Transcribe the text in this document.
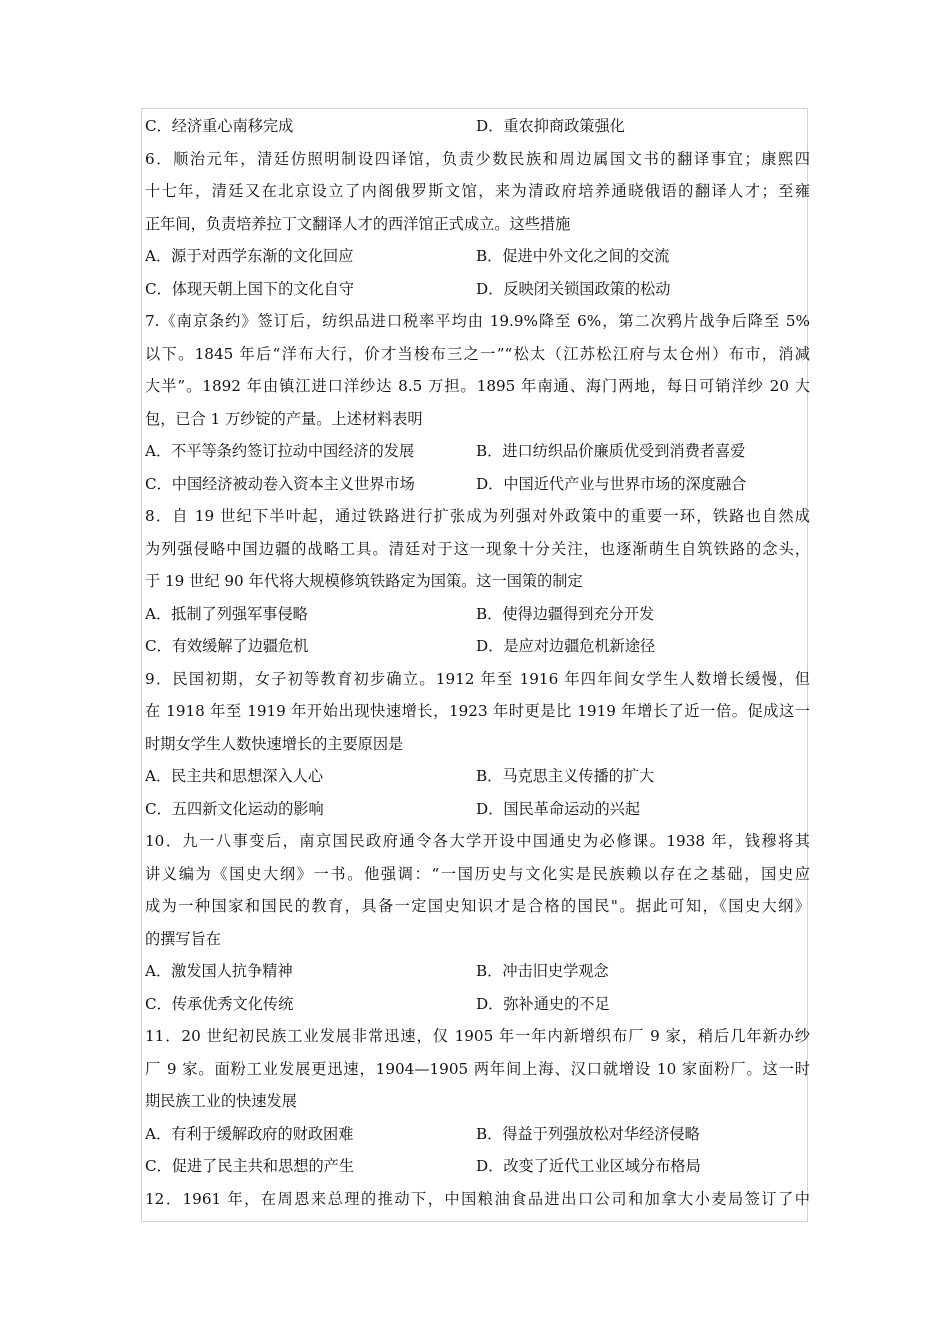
C．经济重心南移完成	D．重农抑商政策强化
6．顺治元年，清廷仿照明制设四译馆，负责少数民族和周边属国文书的翻译事宜；康熙四
十七年，清廷又在北京设立了内阁俄罗斯文馆，来为清政府培养通晓俄语的翻译人才；至雍
正年间，负责培养拉丁文翻译人才的西洋馆正式成立。这些措施
A．源于对西学东渐的文化回应	B．促进中外文化之间的交流
C．体现天朝上国下的文化自守	D．反映闭关锁国政策的松动
7.《南京条约》签订后，纺织品进口税率平均由 19.9%降至 6%，第二次鸦片战争后降至 5%
以下。1845 年后“洋布大行，价才当梭布三之一”“松太（江苏松江府与太仓州）布市，消减
大半”。1892 年由镇江进口洋纱达 8.5 万担。1895 年南通、海门两地，每日可销洋纱 20 大
包，已合 1 万纱锭的产量。上述材料表明
A．不平等条约签订拉动中国经济的发展	B．进口纺织品价廉质优受到消费者喜爱
C．中国经济被动卷入资本主义世界市场	D．中国近代产业与世界市场的深度融合
8．自 19 世纪下半叶起，通过铁路进行扩张成为列强对外政策中的重要一环，铁路也自然成
为列强侵略中国边疆的战略工具。清廷对于这一现象十分关注，也逐渐萌生自筑铁路的念头，
于 19 世纪 90 年代将大规模修筑铁路定为国策。这一国策的制定
A．抵制了列强军事侵略	B．使得边疆得到充分开发
C．有效缓解了边疆危机	D．是应对边疆危机新途径
9．民国初期，女子初等教育初步确立。1912 年至 1916 年四年间女学生人数增长缓慢，但
在 1918 年至 1919 年开始出现快速增长，1923 年时更是比 1919 年增长了近一倍。促成这一
时期女学生人数快速增长的主要原因是
A．民主共和思想深入人心	B．马克思主义传播的扩大
C．五四新文化运动的影响	D．国民革命运动的兴起
10．九一八事变后，南京国民政府通令各大学开设中国通史为必修课。1938 年，钱穆将其
讲义编为《国史大纲》一书。他强调：“一国历史与文化实是民族赖以存在之基础，国史应
成为一种国家和国民的教育，具备一定国史知识才是合格的国民"。据此可知，《国史大纲》
的撰写旨在
A．激发国人抗争精神	B．冲击旧史学观念
C．传承优秀文化传统	D．弥补通史的不足
11．20 世纪初民族工业发展非常迅速，仅 1905 年一年内新增织布厂 9 家，稍后几年新办纱
厂 9 家。面粉工业发展更迅速，1904—1905 两年间上海、汉口就增设 10 家面粉厂。这一时
期民族工业的快速发展
A．有利于缓解政府的财政困难	B．得益于列强放松对华经济侵略
C．促进了民主共和思想的产生	D．改变了近代工业区域分布格局
12．1961 年，在周恩来总理的推动下，中国粮油食品进出口公司和加拿大小麦局签订了中
